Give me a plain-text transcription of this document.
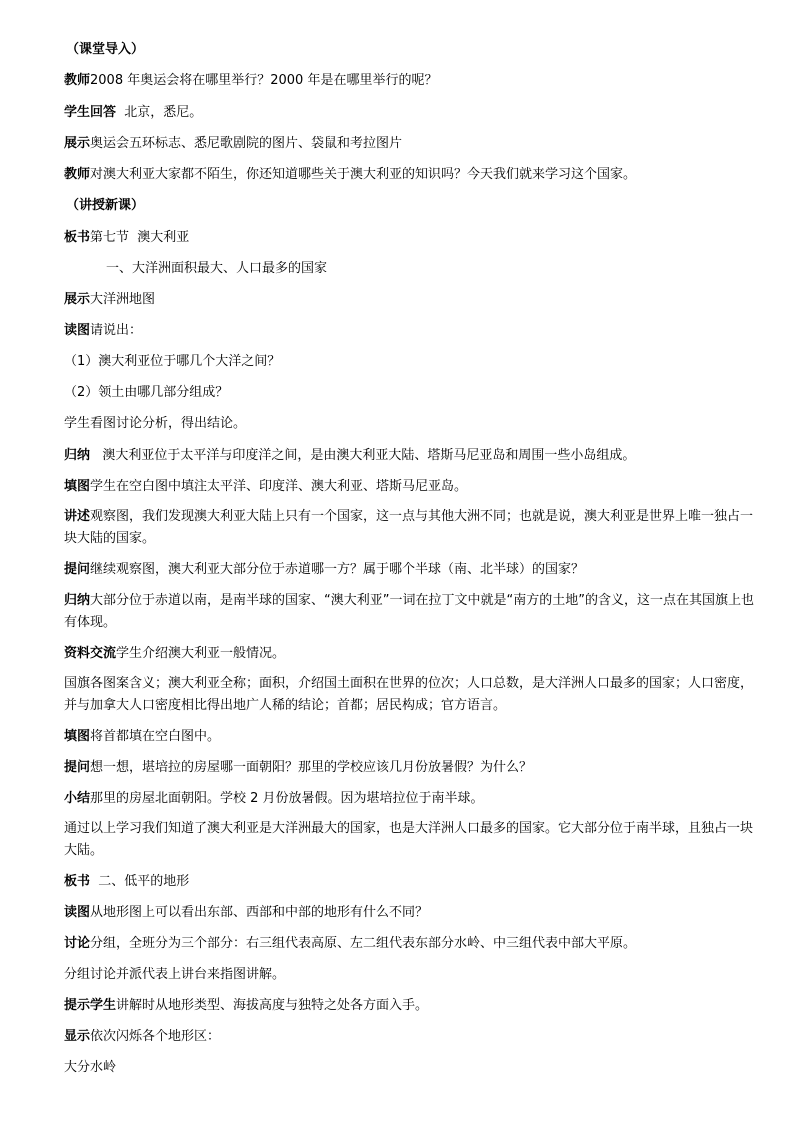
（课堂导入）
教师2008 年奥运会将在哪里举行？2000 年是在哪里举行的呢？
学生回答  北京，悉尼。
展示奥运会五环标志、悉尼歌剧院的图片、袋鼠和考拉图片
教师对澳大利亚大家都不陌生，你还知道哪些关于澳大利亚的知识吗？今天我们就来学习这个国家。
（讲授新课）
板书第七节  澳大利亚
一、大洋洲面积最大、人口最多的国家
展示大洋洲地图
读图请说出：
（1）澳大利亚位于哪几个大洋之间？
（2）领土由哪几部分组成？
学生看图讨论分析，得出结论。
归纳   澳大利亚位于太平洋与印度洋之间，是由澳大利亚大陆、塔斯马尼亚岛和周围一些小岛组成。
填图学生在空白图中填注太平洋、印度洋、澳大利亚、塔斯马尼亚岛。
讲述观察图，我们发现澳大利亚大陆上只有一个国家，这一点与其他大洲不同；也就是说，澳大利亚是世界上唯一独占一块大陆的国家。
提问继续观察图，澳大利亚大部分位于赤道哪一方？属于哪个半球（南、北半球）的国家？
归纳大部分位于赤道以南，是南半球的国家、“澳大利亚”一词在拉丁文中就是“南方的土地”的含义，这一点在其国旗上也有体现。
资料交流学生介绍澳大利亚一般情况。
国旗各图案含义；澳大利亚全称；面积，介绍国土面积在世界的位次；人口总数，是大洋洲人口最多的国家；人口密度，并与加拿大人口密度相比得出地广人稀的结论；首都；居民构成；官方语言。
填图将首都填在空白图中。
提问想一想，堪培拉的房屋哪一面朝阳？那里的学校应该几月份放暑假？为什么？
小结那里的房屋北面朝阳。学校 2 月份放暑假。因为堪培拉位于南半球。
通过以上学习我们知道了澳大利亚是大洋洲最大的国家，也是大洋洲人口最多的国家。它大部分位于南半球，且独占一块大陆。
板书  二、低平的地形
读图从地形图上可以看出东部、西部和中部的地形有什么不同？
讨论分组，全班分为三个部分：右三组代表高原、左二组代表东部分水岭、中三组代表中部大平原。
分组讨论并派代表上讲台来指图讲解。
提示学生讲解时从地形类型、海拔高度与独特之处各方面入手。
显示依次闪烁各个地形区：
大分水岭
